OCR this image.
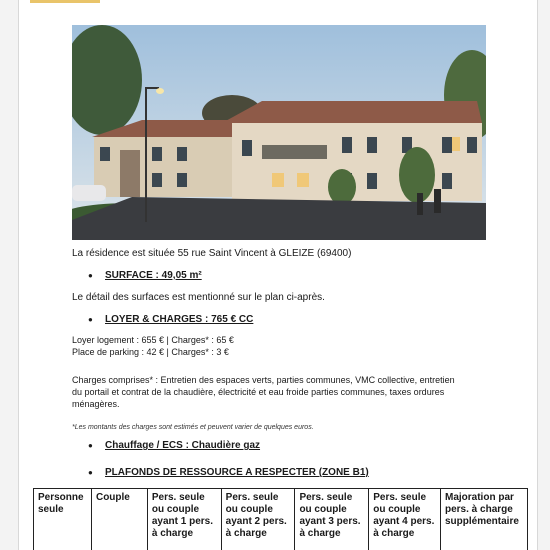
La résidence est située 55 rue Saint Vincent à GLEIZE (69400)
SURFACE : 49,05 m²
Le détail des surfaces est mentionné sur le plan ci-après.
LOYER & CHARGES : 765 € CC
Loyer logement : 655 € | Charges* : 65 €
Place de parking : 42 € | Charges* : 3 €
Charges comprises* : Entretien des espaces verts, parties communes, VMC collective, entretien
du portail et contrat de la chaudière, électricité et eau froide parties communes, taxes ordures
ménagères.
*Les montants des charges sont estimés et peuvent varier de quelques euros.
Chauffage / ECS : Chaudière gaz
PLAFONDS DE RESSOURCE A RESPECTER (ZONE B1)
Personne seule	Couple	Pers. seule ou couple ayant 1 pers. à charge	Pers. seule ou couple ayant 2 pers. à charge	Pers. seule ou couple ayant 3 pers. à charge	Pers. seule ou couple ayant 4 pers. à charge	Majoration par pers. à charge supplémentaire
